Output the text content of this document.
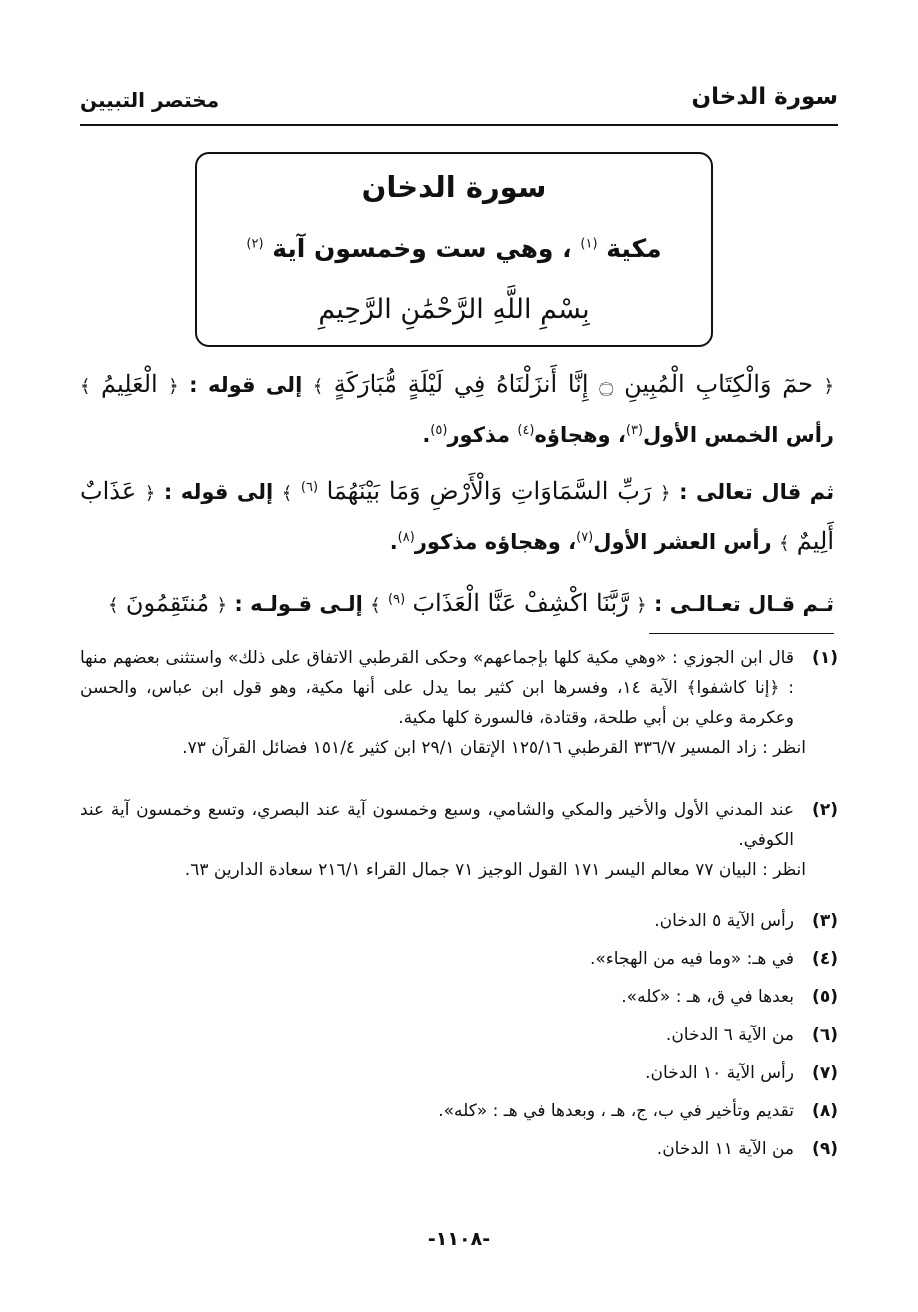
سورة الدخان
مختصر التبيين
سورة الدخان
مكية $^{(١)}$ ، وهي ست وخمسون آية $^{(٢)}$
بِسْمِ اللَّهِ الرَّحْمَٰنِ الرَّحِيمِ
﴿ حمٓ وَالْكِتَابِ الْمُبِينِ ۝ إِنَّا أَنزَلْنَاهُ فِي لَيْلَةٍ مُّبَارَكَةٍ ﴾ إلى قوله : ﴿ الْعَلِيمُ ﴾ رأس الخمس الأول$^{(٣)}$، وهجاؤه$^{(٤)}$ مذكور$^{(٥)}$.
ثم قال تعالى : ﴿ رَبِّ السَّمَاوَاتِ وَالْأَرْضِ وَمَا بَيْنَهُمَا $^{(٦)}$ ﴾ إلى قوله : ﴿ عَذَابٌ أَلِيمٌ ﴾ رأس العشر الأول$^{(٧)}$، وهجاؤه مذكور$^{(٨)}$.
ثـم قـال تعـالـى : ﴿ رَّبَّنَا اكْشِفْ عَنَّا الْعَذَابَ $^{(٩)}$ ﴾ إلـى قـولـه : ﴿ مُنتَقِمُونَ ﴾
(١)
قال ابن الجوزي : «وهي مكية كلها بإجماعهم» وحكى القرطبي الاتفاق على ذلك» واستثنى بعضهم منها : ﴿إنا كاشفوا﴾ الآية ١٤، وفسرها ابن كثير بما يدل على أنها مكية، وهو قول ابن عباس، والحسن وعكرمة وعلي بن أبي طلحة، وقتادة، فالسورة كلها مكية.
انظر : زاد المسير ٣٣٦/٧ القرطبي ١٢٥/١٦ الإتقان ٢٩/١ ابن كثير ١٥١/٤ فضائل القرآن ٧٣.
(٢)
عند المدني الأول والأخير والمكي والشامي، وسبع وخمسون آية عند البصري، وتسع وخمسون آية عند الكوفي.
انظر : البيان ٧٧ معالم اليسر ١٧١ القول الوجيز ٧١ جمال القراء ٢١٦/١ سعادة الدارين ٦٣.
(٣)
رأس الآية ٥ الدخان.
(٤)
في هـ: «وما فيه من الهجاء».
(٥)
بعدها في ق، هـ : «كله».
(٦)
من الآية ٦ الدخان.
(٧)
رأس الآية ١٠ الدخان.
(٨)
تقديم وتأخير في ب، ج، هـ ، وبعدها في هـ : «كله».
(٩)
من الآية ١١ الدخان.
-١١٠٨-
